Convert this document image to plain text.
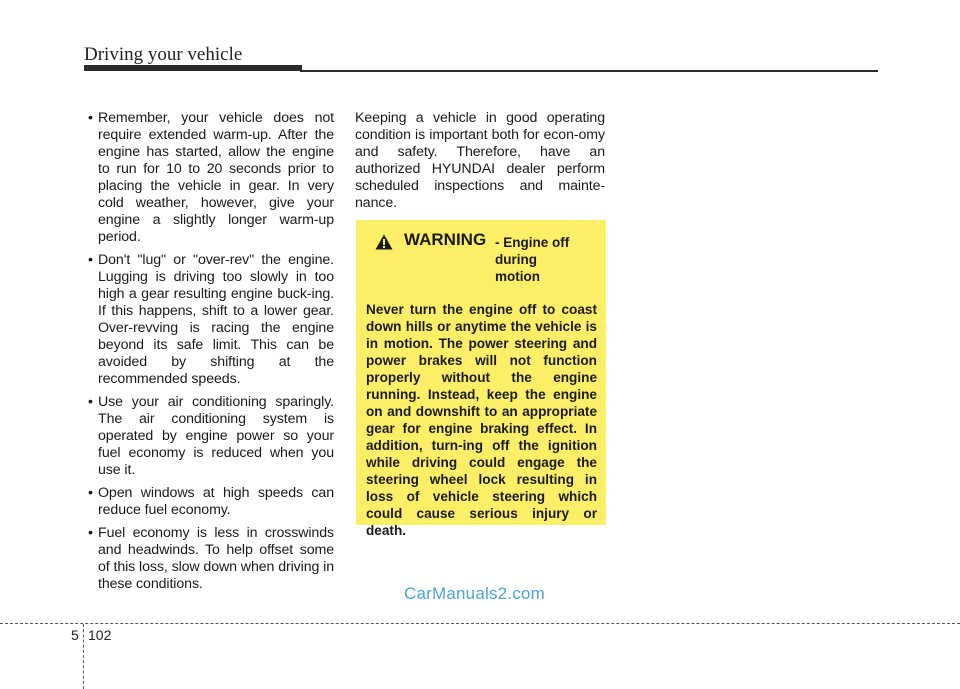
Driving your vehicle
• Remember, your vehicle does not require extended warm-up. After the engine has started, allow the engine to run for 10 to 20 seconds prior to placing the vehicle in gear. In very cold weather, however, give your engine a slightly longer warm-up period.
• Don't "lug" or "over-rev" the engine. Lugging is driving too slowly in too high a gear resulting engine buck-ing. If this happens, shift to a lower gear. Over-revving is racing the engine beyond its safe limit. This can be avoided by shifting at the recommended speeds.
• Use your air conditioning sparingly. The air conditioning system is operated by engine power so your fuel economy is reduced when you use it.
• Open windows at high speeds can reduce fuel economy.
• Fuel economy is less in crosswinds and headwinds. To help offset some of this loss, slow down when driving in these conditions.
Keeping a vehicle in good operating condition is important both for econ-omy and safety. Therefore, have an authorized HYUNDAI dealer perform scheduled inspections and mainte-nance.
WARNING - Engine off during motion
Never turn the engine off to coast down hills or anytime the vehicle is in motion. The power steering and power brakes will not function properly without the engine running. Instead, keep the engine on and downshift to an appropriate gear for engine braking effect. In addition, turn-ing off the ignition while driving could engage the steering wheel lock resulting in loss of vehicle steering which could cause serious injury or death.
CarManuals2.com
5 102
